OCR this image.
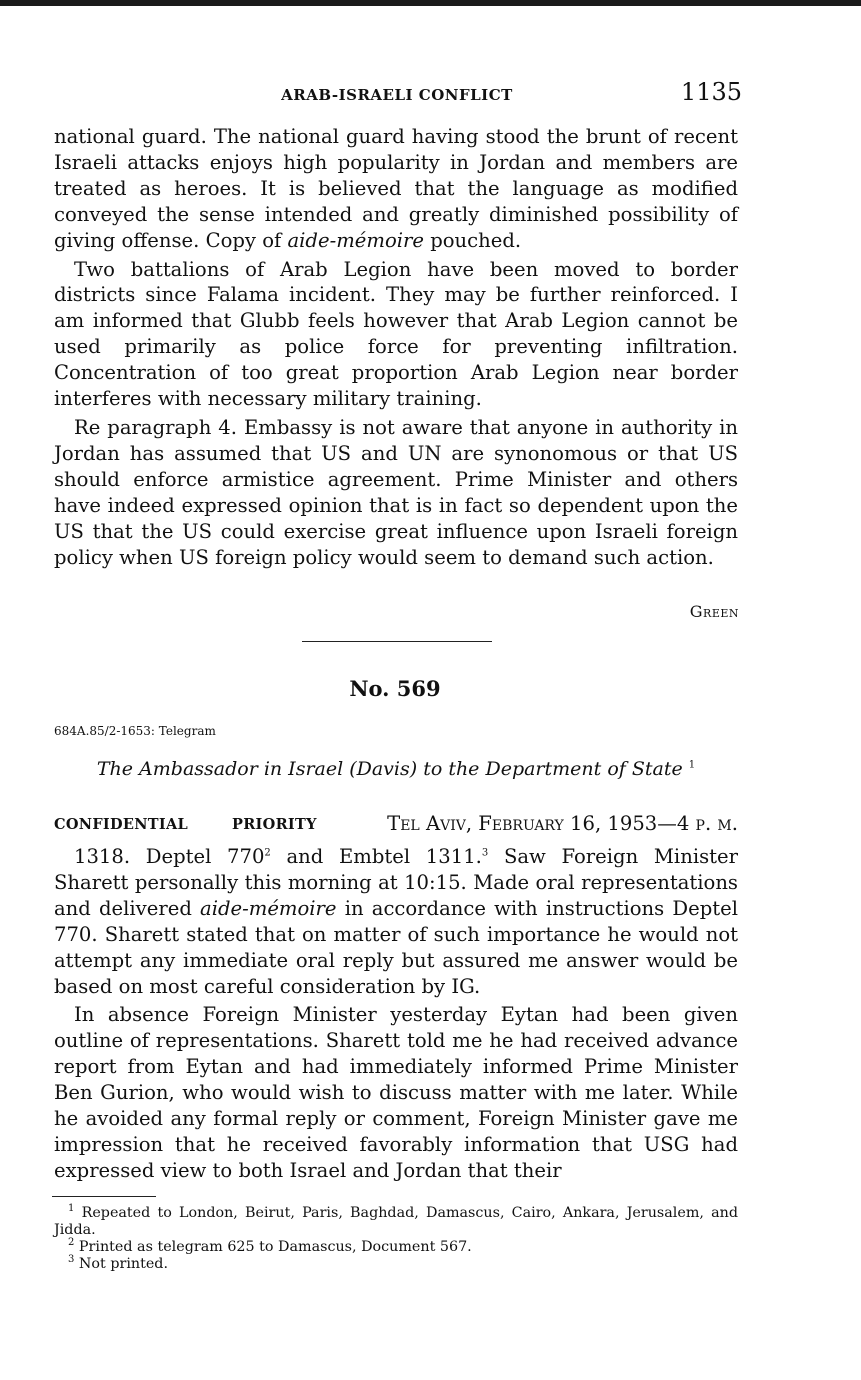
ARAB-ISRAELI CONFLICT	1135

national guard. The national guard having stood the brunt of recent Israeli attacks enjoys high popularity in Jordan and members are treated as heroes. It is believed that the language as modified conveyed the sense intended and greatly diminished possibility of giving offense. Copy of aide-mémoire pouched.

Two battalions of Arab Legion have been moved to border districts since Falama incident. They may be further reinforced. I am informed that Glubb feels however that Arab Legion cannot be used primarily as police force for preventing infiltration. Concentration of too great proportion Arab Legion near border interferes with necessary military training.

Re paragraph 4. Embassy is not aware that anyone in authority in Jordan has assumed that US and UN are synonomous or that US should enforce armistice agreement. Prime Minister and others have indeed expressed opinion that is in fact so dependent upon the US that the US could exercise great influence upon Israeli foreign policy when US foreign policy would seem to demand such action.

Green
No. 569
684A.85/2-1653: Telegram
The Ambassador in Israel (Davis) to the Department of State $^1$
CONFIDENTIAL	PRIORITY	Tel Aviv, February 16, 1953—4 p. m.

1318. Deptel $770^2$ and Embtel 1311.$^3$ Saw Foreign Minister Sharett personally this morning at 10:15. Made oral representations and delivered aide-mémoire in accordance with instructions Deptel 770. Sharett stated that on matter of such importance he would not attempt any immediate oral reply but assured me answer would be based on most careful consideration by IG.

In absence Foreign Minister yesterday Eytan had been given outline of representations. Sharett told me he had received advance report from Eytan and had immediately informed Prime Minister Ben Gurion, who would wish to discuss matter with me later. While he avoided any formal reply or comment, Foreign Minister gave me impression that he received favorably information that USG had expressed view to both Israel and Jordan that their

$^1$ Repeated to London, Beirut, Paris, Baghdad, Damascus, Cairo, Ankara, Jerusalem, and Jidda.

$^2$ Printed as telegram 625 to Damascus, Document 567.

$^3$ Not printed.
